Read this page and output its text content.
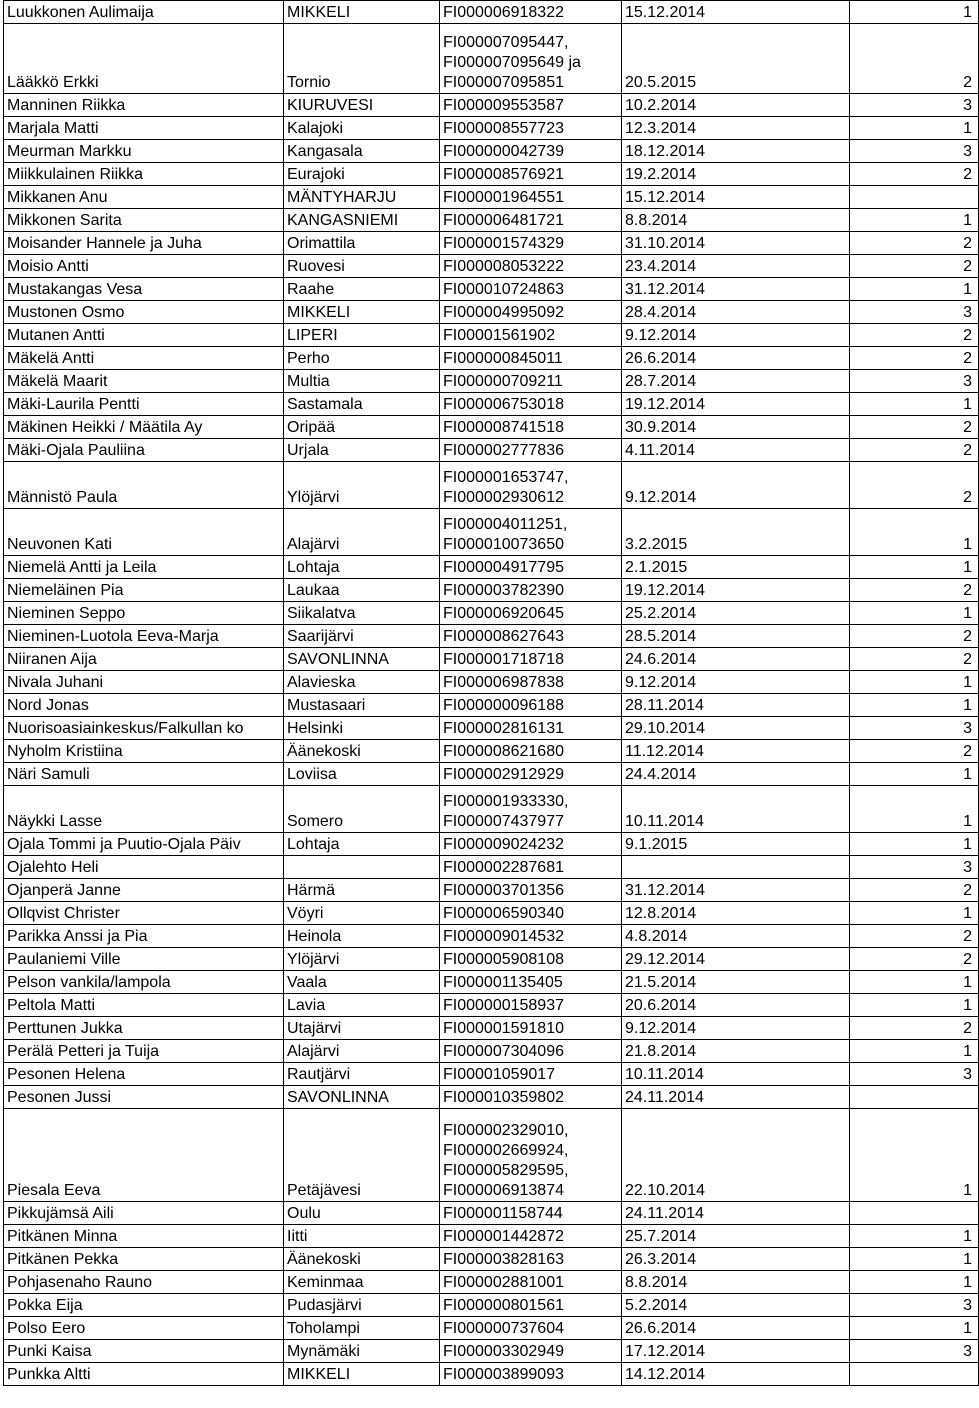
Luukkonen Aulimaija	MIKKELI	FI000006918322	15.12.2014	1
Lääkkö Erkki	Tornio	FI000007095447,
FI000007095649 ja
FI000007095851	20.5.2015	2
Manninen Riikka	KIURUVESI	FI000009553587	10.2.2014	3
Marjala Matti	Kalajoki	FI000008557723	12.3.2014	1
Meurman Markku	Kangasala	FI000000042739	18.12.2014	3
Miikkulainen Riikka	Eurajoki	FI000008576921	19.2.2014	2
Mikkanen Anu	MÄNTYHARJU	FI000001964551	15.12.2014	
Mikkonen Sarita	KANGASNIEMI	FI000006481721	8.8.2014	1
Moisander Hannele ja Juha	Orimattila	FI000001574329	31.10.2014	2
Moisio Antti	Ruovesi	FI000008053222	23.4.2014	2
Mustakangas Vesa	Raahe	FI000010724863	31.12.2014	1
Mustonen Osmo	MIKKELI	FI000004995092	28.4.2014	3
Mutanen Antti	LIPERI	FI00001561902	9.12.2014	2
Mäkelä Antti	Perho	FI000000845011	26.6.2014	2
Mäkelä Maarit	Multia	FI000000709211	28.7.2014	3
Mäki-Laurila Pentti	Sastamala	FI000006753018	19.12.2014	1
Mäkinen Heikki / Määtila Ay	Oripää	FI000008741518	30.9.2014	2
Mäki-Ojala Pauliina	Urjala	FI000002777836	4.11.2014	2
Männistö Paula	Ylöjärvi	FI000001653747,
FI000002930612	9.12.2014	2
Neuvonen Kati	Alajärvi	FI000004011251,
FI000010073650	3.2.2015	1
Niemelä Antti ja Leila	Lohtaja	FI000004917795	2.1.2015	1
Niemeläinen Pia	Laukaa	FI000003782390	19.12.2014	2
Nieminen Seppo	Siikalatva	FI000006920645	25.2.2014	1
Nieminen-Luotola Eeva-Marja	Saarijärvi	FI000008627643	28.5.2014	2
Niiranen Aija	SAVONLINNA	FI000001718718	24.6.2014	2
Nivala Juhani	Alavieska	FI000006987838	9.12.2014	1
Nord Jonas	Mustasaari	FI000000096188	28.11.2014	1
Nuorisoasiainkeskus/Falkullan ko	Helsinki	FI000002816131	29.10.2014	3
Nyholm Kristiina	Äänekoski	FI000008621680	11.12.2014	2
Näri Samuli	Loviisa	FI000002912929	24.4.2014	1
Näykki Lasse	Somero	FI000001933330,
FI000007437977	10.11.2014	1
Ojala Tommi ja Puutio-Ojala Päiv	Lohtaja	FI000009024232	9.1.2015	1
Ojalehto Heli		FI000002287681		3
Ojanperä Janne	Härmä	FI000003701356	31.12.2014	2
Ollqvist Christer	Vöyri	FI000006590340	12.8.2014	1
Parikka Anssi ja Pia	Heinola	FI000009014532	4.8.2014	2
Paulaniemi Ville	Ylöjärvi	FI000005908108	29.12.2014	2
Pelson vankila/lampola	Vaala	FI000001135405	21.5.2014	1
Peltola Matti	Lavia	FI000000158937	20.6.2014	1
Perttunen Jukka	Utajärvi	FI000001591810	9.12.2014	2
Perälä Petteri ja Tuija	Alajärvi	FI000007304096	21.8.2014	1
Pesonen Helena	Rautjärvi	FI00001059017	10.11.2014	3
Pesonen Jussi	SAVONLINNA	FI000010359802	24.11.2014	
Piesala Eeva	Petäjävesi	FI000002329010,
FI000002669924,
FI000005829595,
FI000006913874	22.10.2014	1
Pikkujämsä Aili	Oulu	FI000001158744	24.11.2014	
Pitkänen Minna	Iitti	FI000001442872	25.7.2014	1
Pitkänen Pekka	Äänekoski	FI000003828163	26.3.2014	1
Pohjasenaho Rauno	Keminmaa	FI000002881001	8.8.2014	1
Pokka Eija	Pudasjärvi	FI000000801561	5.2.2014	3
Polso Eero	Toholampi	FI000000737604	26.6.2014	1
Punki Kaisa	Mynämäki	FI000003302949	17.12.2014	3
Punkka Altti	MIKKELI	FI000003899093	14.12.2014	
